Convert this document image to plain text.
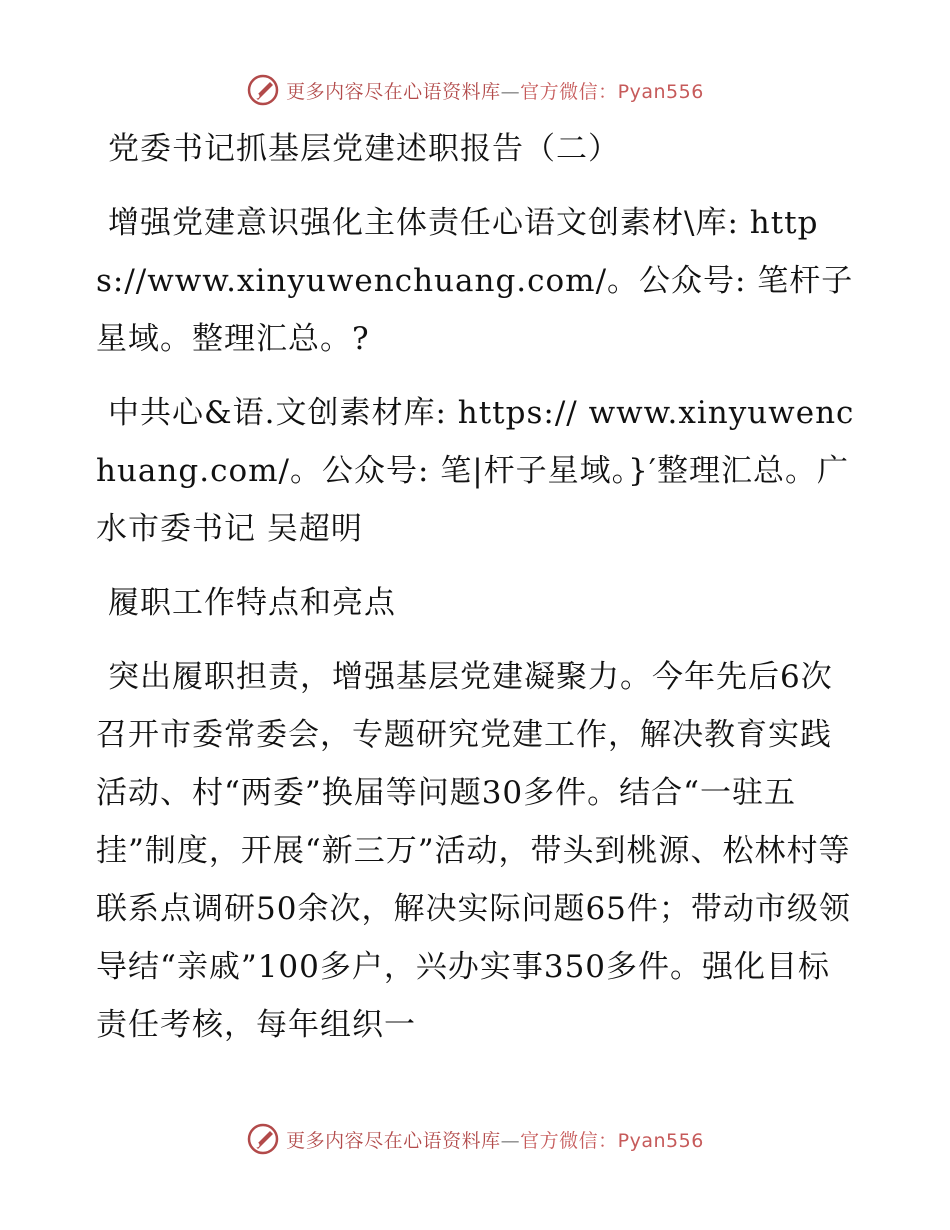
更多内容尽在心语资料库—官方微信：Pyan556

党委书记抓基层党建述职报告（二）

增强党建意识强化主体责任心语文创素材\库: https://www.xinyuwenchuang.com/。公众号: 笔杆子星域。整理汇总。?

中共心&语.文创素材库: https:// www.xinyuwenchuang.com/。公众号: 笔|杆子星域。}′整理汇总。广水市委书记 吴超明

履职工作特点和亮点

突出履职担责，增强基层党建凝聚力。今年先后6次召开市委常委会，专题研究党建工作，解决教育实践活动、村“两委”换届等问题30多件。结合“一驻五挂”制度，开展“新三万”活动，带头到桃源、松林村等联系点调研50余次，解决实际问题65件；带动市级领导结“亲戚”100多户，兴办实事350多件。强化目标责任考核，每年组织一

更多内容尽在心语资料库—官方微信：Pyan556
